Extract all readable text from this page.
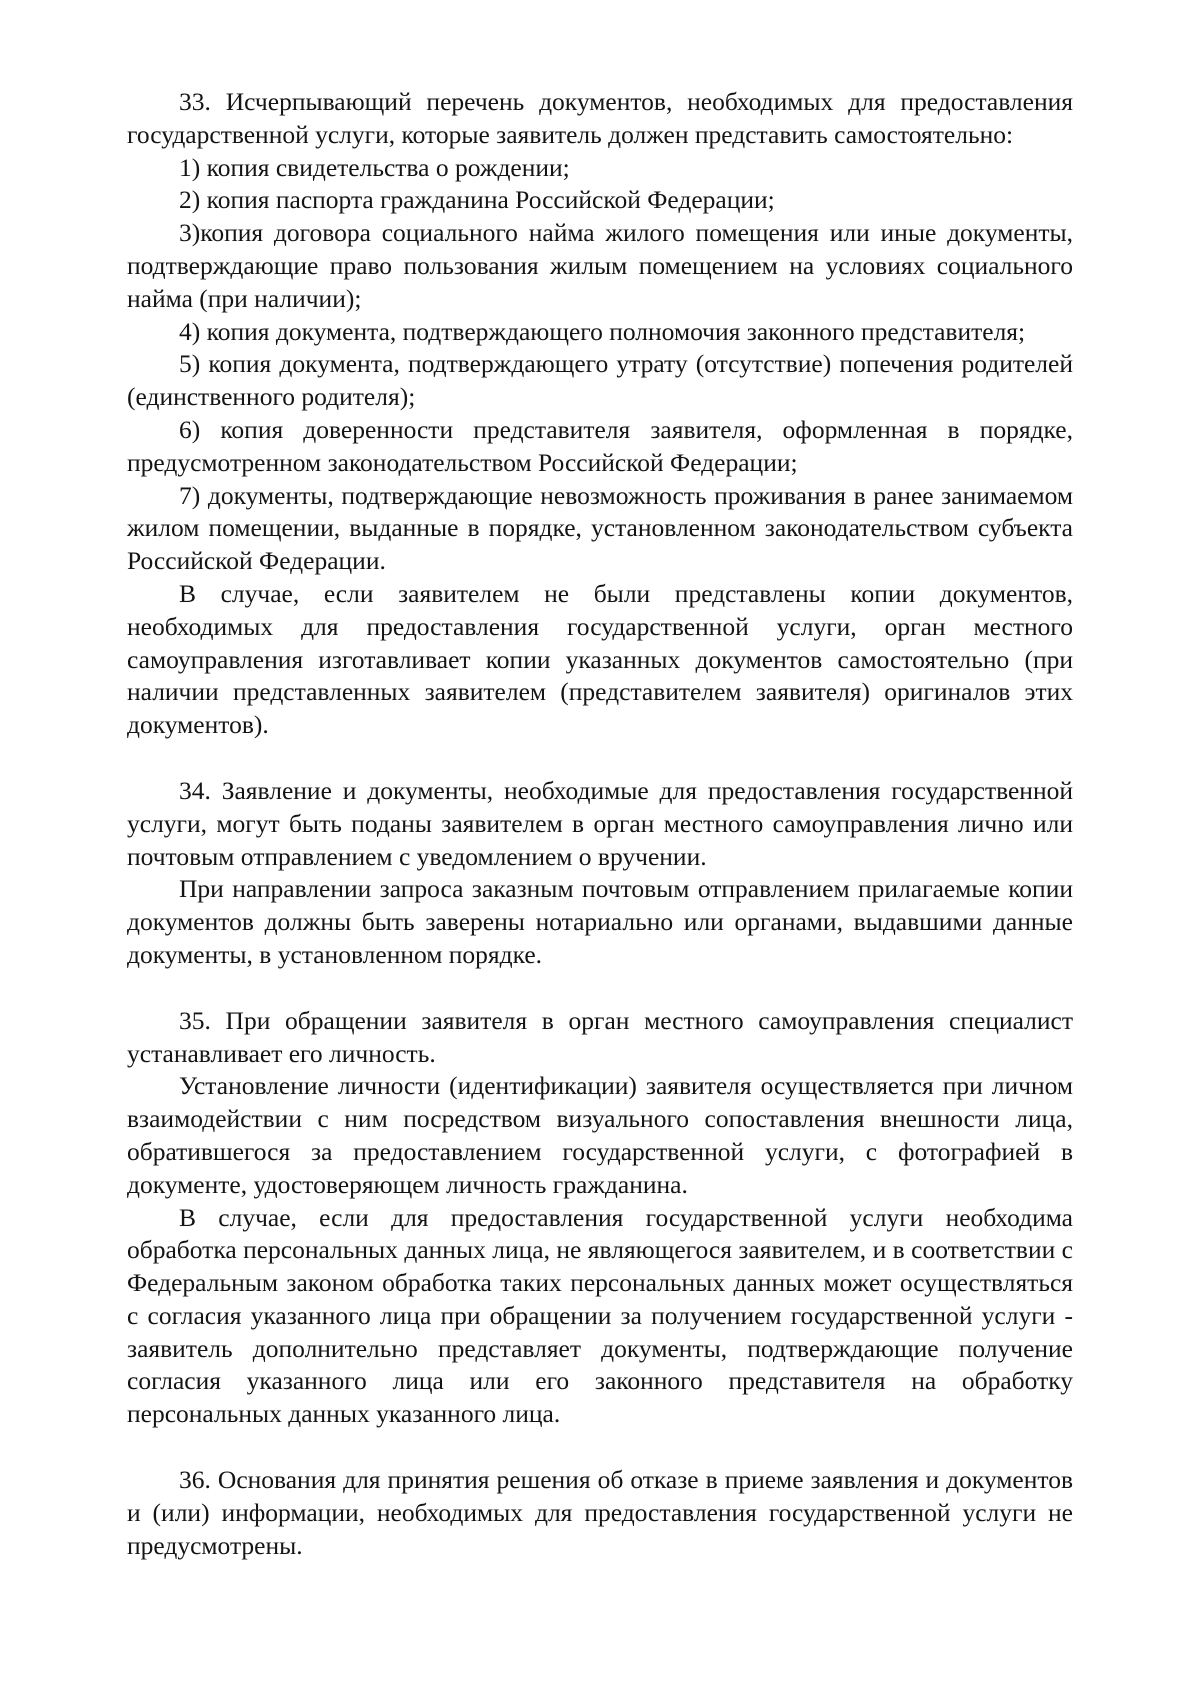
33. Исчерпывающий перечень документов, необходимых для предоставления государственной услуги, которые заявитель должен представить самостоятельно:

1) копия свидетельства о рождении;

2) копия паспорта гражданина Российской Федерации;

3)копия договора социального найма жилого помещения или иные документы, подтверждающие право пользования жилым помещением на условиях социального найма (при наличии);

4) копия документа, подтверждающего полномочия законного представителя;

5) копия документа, подтверждающего утрату (отсутствие) попечения родителей (единственного родителя);

6) копия доверенности представителя заявителя, оформленная в порядке, предусмотренном законодательством Российской Федерации;

7) документы, подтверждающие невозможность проживания в ранее занимаемом жилом помещении, выданные в порядке, установленном законодательством субъекта Российской Федерации.

В случае, если заявителем не были представлены копии документов, необходимых для предоставления государственной услуги, орган местного самоуправления изготавливает копии указанных документов самостоятельно (при наличии представленных заявителем (представителем заявителя) оригиналов этих документов).

34. Заявление и документы, необходимые для предоставления государственной услуги, могут быть поданы заявителем в орган местного самоуправления лично или почтовым отправлением с уведомлением о вручении.

При направлении запроса заказным почтовым отправлением прилагаемые копии документов должны быть заверены нотариально или органами, выдавшими данные документы, в установленном порядке.

35. При обращении заявителя в орган местного самоуправления специалист устанавливает его личность.

Установление личности (идентификации) заявителя осуществляется при личном взаимодействии с ним посредством визуального сопоставления внешности лица, обратившегося за предоставлением государственной услуги, с фотографией в документе, удостоверяющем личность гражданина.

В случае, если для предоставления государственной услуги необходима обработка персональных данных лица, не являющегося заявителем, и в соответствии с Федеральным законом обработка таких персональных данных может осуществляться с согласия указанного лица при обращении за получением государственной услуги - заявитель дополнительно представляет документы, подтверждающие получение согласия указанного лица или его законного представителя на обработку персональных данных указанного лица.

36. Основания для принятия решения об отказе в приеме заявления и документов и (или) информации, необходимых для предоставления государственной услуги не предусмотрены.
